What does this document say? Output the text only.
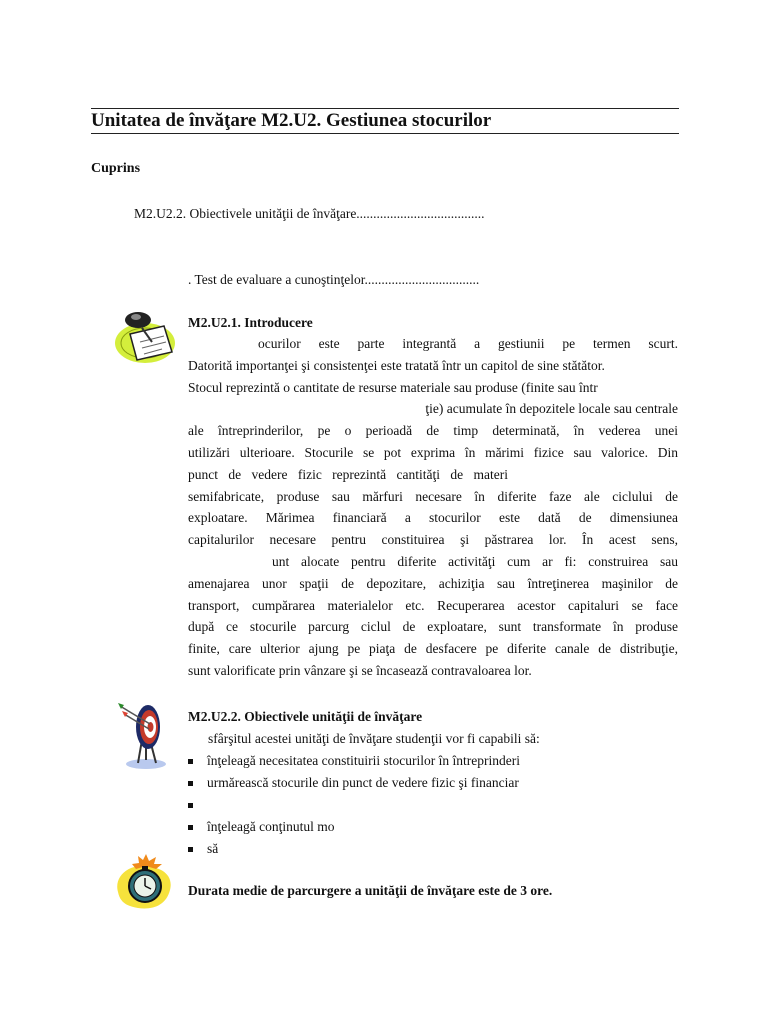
Unitatea de învăţare M2.U2. Gestiunea stocurilor
Cuprins
M2.U2.2. Obiectivele unităţii de învăţare......................................
. Test de evaluare a cunoştinţelor..................................
M2.U2.1. Introducere
ocurilor este parte integrantă a gestiunii pe termen scurt.
Datorită importanţei şi consistenţei este tratată într un capitol de sine stătător.
Stocul reprezintă o cantitate de resurse materiale sau produse (finite sau într
ţie) acumulate în depozitele locale sau centrale
ale întreprinderilor, pe o perioadă de timp determinată, în vederea unei
utilizări ulterioare. Stocurile se pot exprima în mărimi fizice sau valorice. Din
punct de vedere fizic reprezintă cantităţi de materi
semifabricate, produse sau mărfuri necesare în diferite faze ale ciclului de
exploatare. Mărimea financiară a stocurilor este dată de dimensiunea
capitalurilor necesare pentru constituirea şi păstrarea lor. În acest sens,
unt alocate pentru diferite activităţi cum ar fi: construirea sau
amenajarea unor spaţii de depozitare, achiziţia sau întreţinerea maşinilor de
transport, cumpărarea materialelor etc. Recuperarea acestor capitaluri se face
după ce stocurile parcurg ciclul de exploatare, sunt transformate în produse
finite, care ulterior ajung pe piaţa de desfacere pe diferite canale de distribuţie,
sunt valorificate prin vânzare şi se încasează contravaloarea lor.
M2.U2.2. Obiectivele unităţii de învăţare
sfârşitul acestei unităţi de învăţare studenţii vor fi capabili să:
înţeleagă necesitatea constituirii stocurilor în întreprinderi
urmărească stocurile din punct de vedere fizic şi financiar
înţeleagă conţinutul mo
să
Durata medie de parcurgere a unităţii de învăţare este de 3 ore.
